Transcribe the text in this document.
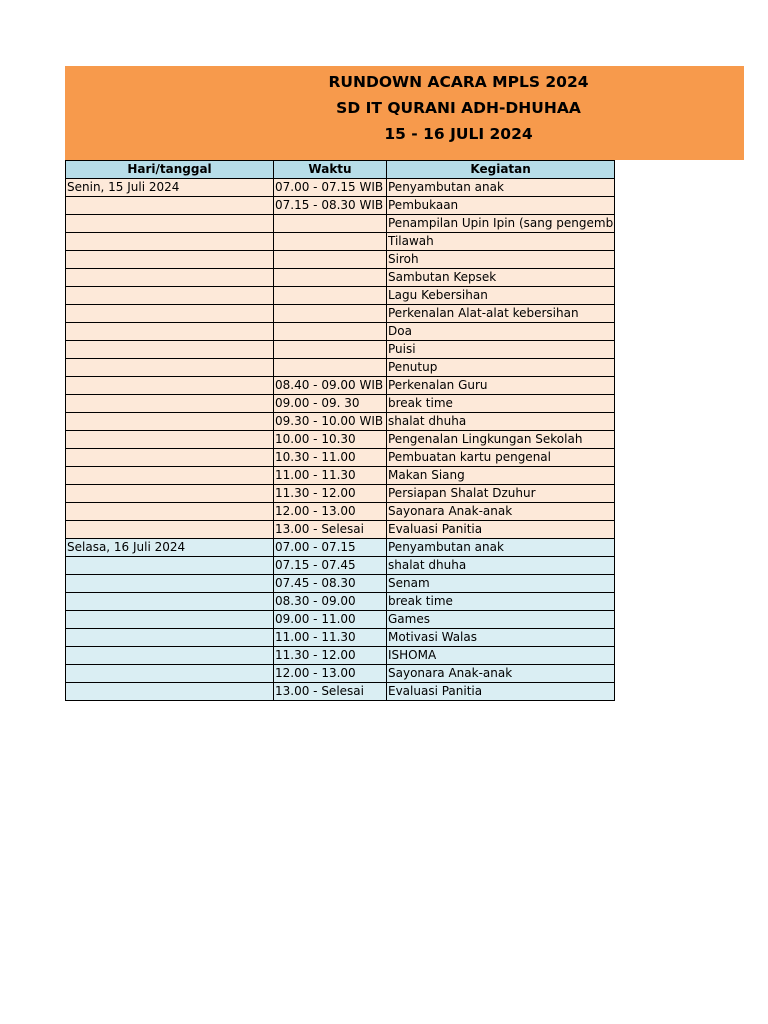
RUNDOWN ACARA MPLS 2024
SD IT QURANI ADH-DHUHAA
15 - 16 JULI 2024
Hari/tanggal	Waktu	Kegiatan
Senin, 15 Juli 2024	07.00 - 07.15 WIB	Penyambutan anak
	07.15 - 08.30 WIB	Pembukaan
		Penampilan Upin Ipin (sang pengemb
		Tilawah
		Siroh
		Sambutan Kepsek
		Lagu Kebersihan
		Perkenalan Alat-alat kebersihan
		Doa
		Puisi
		Penutup
	08.40 - 09.00 WIB	Perkenalan Guru
	09.00 - 09. 30	break time
	09.30 - 10.00 WIB	shalat dhuha
	10.00 - 10.30	Pengenalan Lingkungan Sekolah
	10.30 - 11.00	Pembuatan kartu pengenal
	11.00 - 11.30	Makan Siang
	11.30 - 12.00	Persiapan Shalat Dzuhur
	12.00 - 13.00	Sayonara Anak-anak
	13.00 - Selesai	Evaluasi Panitia
Selasa, 16 Juli 2024	07.00 - 07.15	Penyambutan anak
	07.15 - 07.45	shalat dhuha
	07.45 - 08.30	Senam
	08.30 - 09.00	break time
	09.00 - 11.00	Games
	11.00 - 11.30	Motivasi Walas
	11.30 - 12.00	ISHOMA
	12.00 - 13.00	Sayonara Anak-anak
	13.00 - Selesai	Evaluasi Panitia
